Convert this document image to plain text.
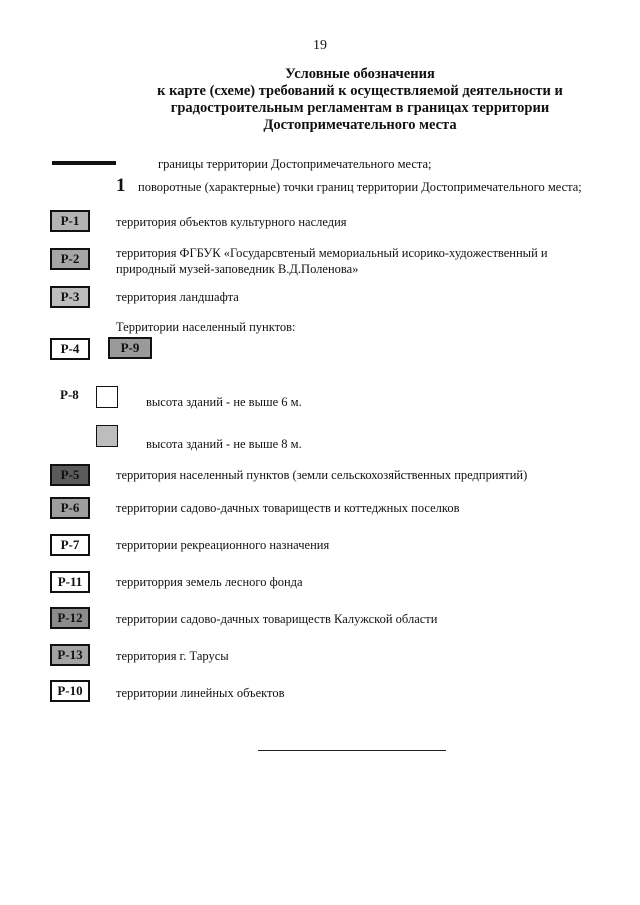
19
Условные обозначения
к карте (схеме) требований к осуществляемой деятельности и
градостроительным регламентам в границах территории
Достопримечательного места
границы территории Достопримечательного места;
1 поворотные (характерные) точки границ территории Достопримечательного места;
Р-1	территория объектов культурного наследия
Р-2	территория ФГБУК «Государсвтеный мемориальный исорико-художественный и
природный музей-заповедник В.Д.Поленова»
Р-3	территория ландшафта
Территории населенный пунктов:
Р-4	Р-9
Р-8	высота зданий - не выше 6 м.
высота зданий - не выше 8 м.
Р-5	территория населенный пунктов (земли сельскохозяйственных предприятий)
Р-6	территории садово-дачных товариществ и коттеджных поселков
Р-7	территории рекреационного назначения
Р-11	территоррия земель лесного фонда
Р-12	территории садово-дачных товариществ Калужской области
Р-13	территория г. Тарусы
Р-10	территории линейных объектов
